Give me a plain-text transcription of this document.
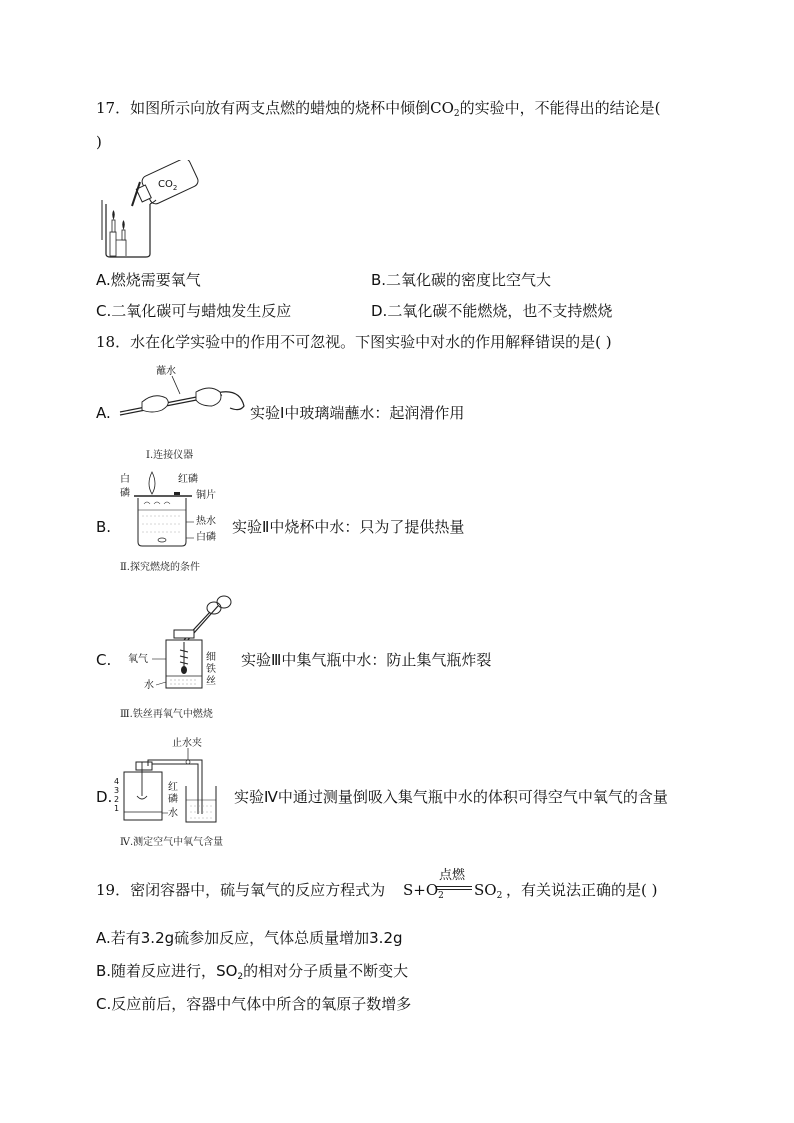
17．如图所示向放有两支点燃的蜡烛的烧杯中倾倒$CO_2$的实验中，不能得出的结论是(
)
$CO_2$
A.燃烧需要氧气	B.二氧化碳的密度比空气大
C.二氧化碳可与蜡烛发生反应	D.二氧化碳不能燃烧，也不支持燃烧
18．水在化学实验中的作用不可忽视。下图实验中对水的作用解释错误的是( )
A.
蘸水
实验Ⅰ中玻璃端蘸水：起润滑作用
Ⅰ.连接仪器
B.
白
磷
红磷
铜片
热水
白磷
实验Ⅱ中烧杯中水：只为了提供热量
Ⅱ.探究燃烧的条件
C. 氧气	细
铁
丝
水
实验Ⅲ中集气瓶中水：防止集气瓶炸裂
Ⅲ.铁丝再氧气中燃烧
D.
止水夹
4
3
2
1
红
磷
水
实验Ⅳ中通过测量倒吸入集气瓶中水的体积可得空气中氧气的含量
Ⅳ.测定空气中氧气含量
19．密闭容器中，硫与氧气的反应方程式为 $S+O_2$
点燃
$SO_2$ ，有关说法正确的是( )
A.若有3.2g硫参加反应，气体总质量增加3.2g
B.随着反应进行，$SO_2$的相对分子质量不断变大
C.反应前后，容器中气体中所含的氧原子数增多
